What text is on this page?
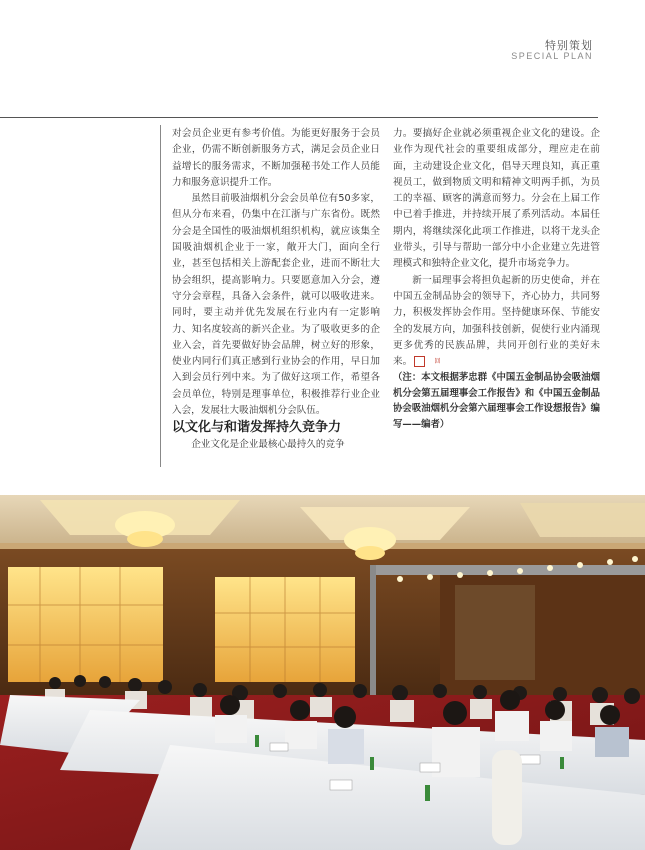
特别策划
SPECIAL PLAN

对会员企业更有参考价值。为能更好服务于会员企业，仍需不断创新服务方式，满足会员企业日益增长的服务需求，不断加强秘书处工作人员能力和服务意识提升工作。

虽然目前吸油烟机分会会员单位有50多家，但从分布来看，仍集中在江浙与广东省份。既然分会是全国性的吸油烟机组织机构，就应该集全国吸油烟机企业于一家，敞开大门，面向全行业，甚至包括相关上游配套企业，进而不断壮大协会组织，提高影响力。只要愿意加入分会，遵守分会章程，具备入会条件，就可以吸收进来。同时，要主动并优先发展在行业内有一定影响力、知名度较高的新兴企业。为了吸收更多的企业入会，首先要做好协会品牌，树立好的形象，使业内同行们真正感到行业协会的作用，早日加入到会员行列中来。为了做好这项工作，希望各会员单位，特别是理事单位，积极推荐行业企业入会，发展壮大吸油烟机分会队伍。

以文化与和谐发挥持久竞争力

企业文化是企业最核心最持久的竞争

力。要搞好企业就必须重视企业文化的建设。企业作为现代社会的重要组成部分，理应走在前面，主动建设企业文化，倡导天理良知，真正重视员工，做到物质文明和精神文明两手抓，为员工的幸福、顾客的满意而努力。分会在上届工作中已着手推进，并持续开展了系列活动。本届任期内，将继续深化此项工作推进，以将干龙头企业带头，引导与帮助一部分中小企业建立先进管理模式和独特企业文化，提升市场竞争力。

新一届理事会将担负起新的历史使命，并在中国五金制品协会的领导下，齐心协力，共同努力，积极发挥协会作用。坚持健康环保、节能安全的发展方向，加强科技创新，促使行业内涌现更多优秀的民族品牌，共同开创行业的美好未来。	回

（注：本文根据茅忠群《中国五金制品协会吸油烟机分会第五届理事会工作报告》和《中国五金制品协会吸油烟机分会第六届理事会工作设想报告》编写——编者）
